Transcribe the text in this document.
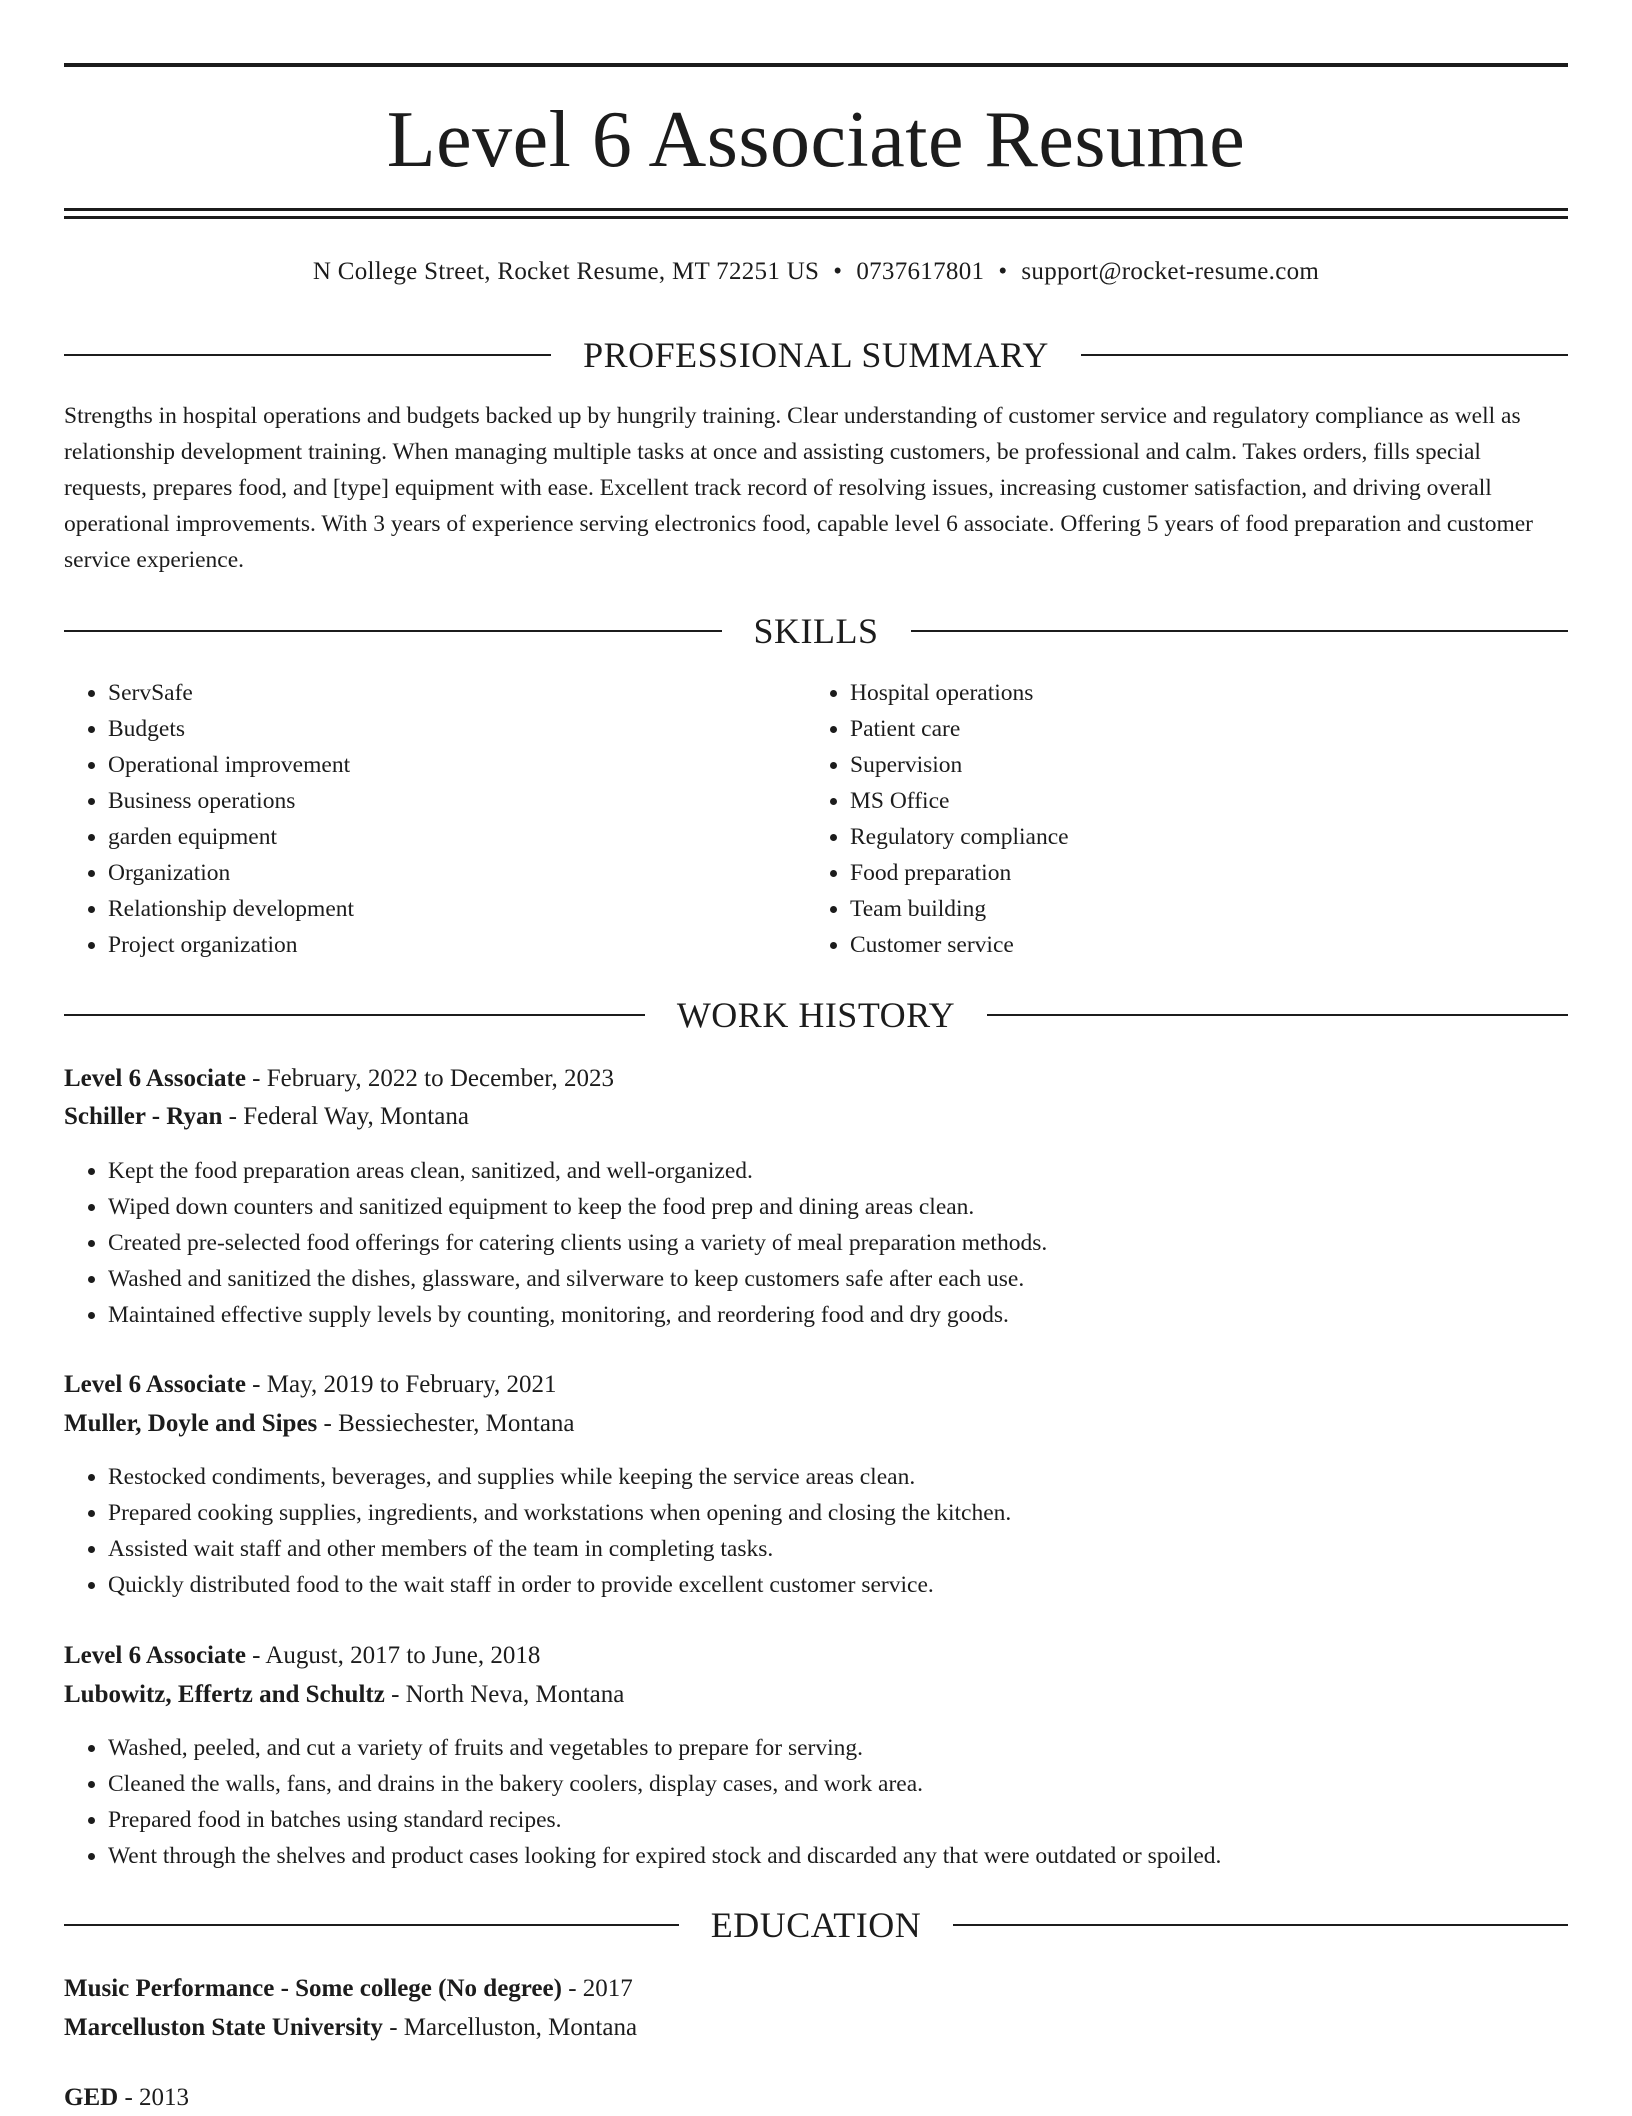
Level 6 Associate Resume
N College Street, Rocket Resume, MT 72251 US • 0737617801 • support@rocket-resume.com
PROFESSIONAL SUMMARY

Strengths in hospital operations and budgets backed up by hungrily training. Clear understanding of customer service and regulatory compliance as well as relationship development training. When managing multiple tasks at once and assisting customers, be professional and calm. Takes orders, fills special requests, prepares food, and [type] equipment with ease. Excellent track record of resolving issues, increasing customer satisfaction, and driving overall operational improvements. With 3 years of experience serving electronics food, capable level 6 associate. Offering 5 years of food preparation and customer service experience.

SKILLS
• ServSafe
• Budgets
• Operational improvement
• Business operations
• garden equipment
• Organization
• Relationship development
• Project organization
• Hospital operations
• Patient care
• Supervision
• MS Office
• Regulatory compliance
• Food preparation
• Team building
• Customer service
WORK HISTORY

Level 6 Associate - February, 2022 to December, 2023

Schiller - Ryan - Federal Way, Montana

• Kept the food preparation areas clean, sanitized, and well-organized.
• Wiped down counters and sanitized equipment to keep the food prep and dining areas clean.
• Created pre-selected food offerings for catering clients using a variety of meal preparation methods.
• Washed and sanitized the dishes, glassware, and silverware to keep customers safe after each use.
• Maintained effective supply levels by counting, monitoring, and reordering food and dry goods.

Level 6 Associate - May, 2019 to February, 2021

Muller, Doyle and Sipes - Bessiechester, Montana

• Restocked condiments, beverages, and supplies while keeping the service areas clean.
• Prepared cooking supplies, ingredients, and workstations when opening and closing the kitchen.
• Assisted wait staff and other members of the team in completing tasks.
• Quickly distributed food to the wait staff in order to provide excellent customer service.

Level 6 Associate - August, 2017 to June, 2018

Lubowitz, Effertz and Schultz - North Neva, Montana

• Washed, peeled, and cut a variety of fruits and vegetables to prepare for serving.
• Cleaned the walls, fans, and drains in the bakery coolers, display cases, and work area.
• Prepared food in batches using standard recipes.
• Went through the shelves and product cases looking for expired stock and discarded any that were outdated or spoiled.
EDUCATION

Music Performance - Some college (No degree) - 2017

Marcelluston State University - Marcelluston, Montana

GED - 2013
